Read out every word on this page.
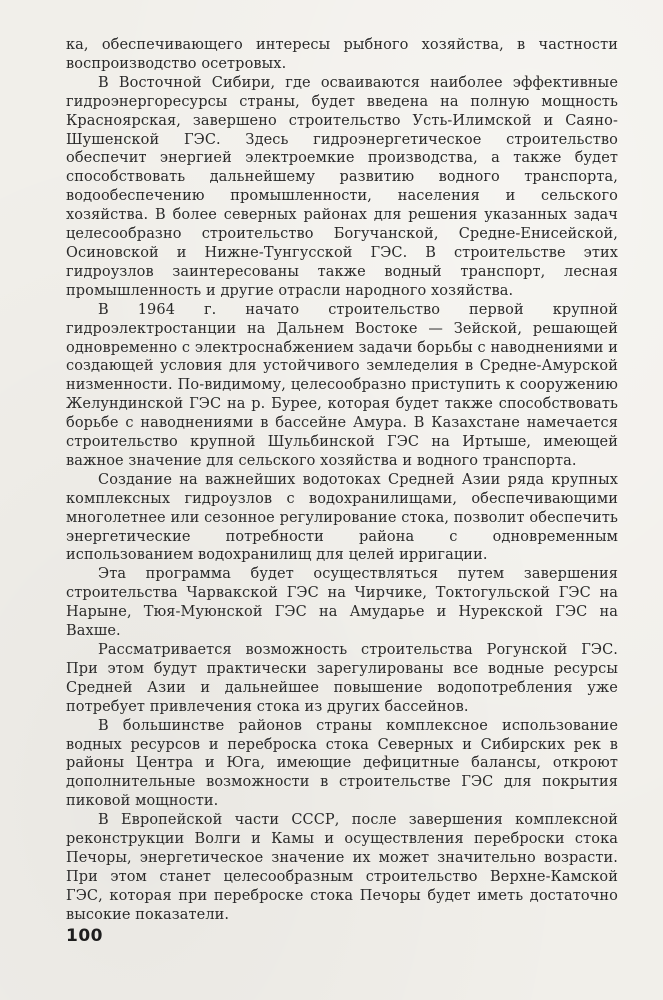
ка, обеспечивающего интересы рыбного хозяйства, в частности воспроизводство осетровых.

В Восточной Сибири, где осваиваются наиболее эффективные гидроэнергоресурсы страны, будет введена на полную мощность Красноярская, завершено строительство Усть-Илимской и Саяно-Шушенской ГЭС. Здесь гидроэнергетическое строительство обеспечит энергией электроемкие производства, а также будет способствовать дальнейшему развитию водного транспорта, водообеспечению промышленности, населения и сельского хозяйства. В более северных районах для решения указанных задач целесообразно строительство Богучанской, Средне-Енисейской, Осиновской и Нижне-Тунгусской ГЭС. В строительстве этих гидроузлов заинтересованы также водный транспорт, лесная промышленность и другие отрасли народного хозяйства.

В 1964 г. начато строительство первой крупной гидроэлектростанции на Дальнем Востоке — Зейской, решающей одновременно с электроснабжением задачи борьбы с наводнениями и создающей условия для устойчивого земледелия в Средне-Амурской низменности. По-видимому, целесообразно приступить к сооружению Желундинской ГЭС на р. Бурее, которая будет также способствовать борьбе с наводнениями в бассейне Амура. В Казахстане намечается строительство крупной Шульбинской ГЭС на Иртыше, имеющей важное значение для сельского хозяйства и водного транспорта.

Создание на важнейших водотоках Средней Азии ряда крупных комплексных гидроузлов с водохранилищами, обеспечивающими многолетнее или сезонное регулирование стока, позволит обеспечить энергетические потребности района с одновременным использованием водохранилищ для целей ирригации.

Эта программа будет осуществляться путем завершения строительства Чарвакской ГЭС на Чирчике, Токтогульской ГЭС на Нарыне, Тюя-Муюнской ГЭС на Амударье и Нурекской ГЭС на Вахше.

Рассматривается возможность строительства Рогунской ГЭС. При этом будут практически зарегулированы все водные ресурсы Средней Азии и дальнейшее повышение водопотребления уже потребует привлечения стока из других бассейнов.

В большинстве районов страны комплексное использование водных ресурсов и переброска стока Северных и Сибирских рек в районы Центра и Юга, имеющие дефицитные балансы, откроют дополнительные возможности в строительстве ГЭС для покрытия пиковой мощности.

В Европейской части СССР, после завершения комплексной реконструкции Волги и Камы и осуществления переброски стока Печоры, энергетическое значение их может значительно возрасти. При этом станет целесообразным строительство Верхне-Камской ГЭС, которая при переброске стока Печоры будет иметь достаточно высокие показатели.

100
